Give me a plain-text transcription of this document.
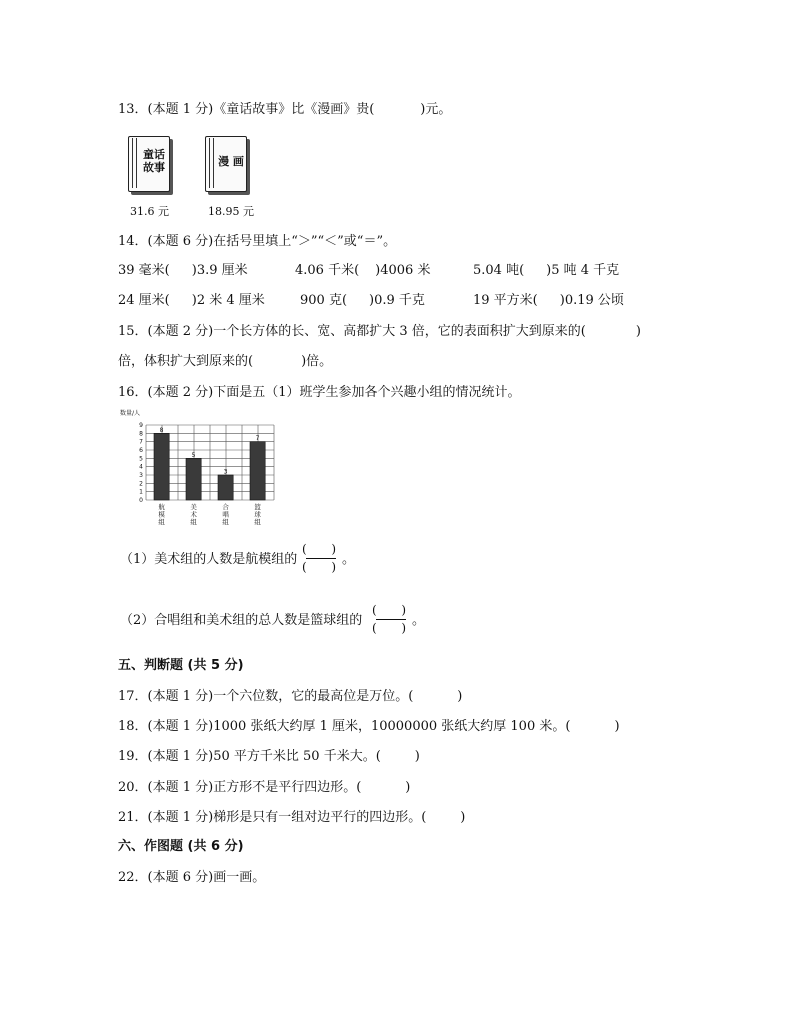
13．(本题 1 分)《童话故事》比《漫画》贵(	)元。
童话故事
31.6 元
漫 画
18.95 元
14．(本题 6 分)在括号里填上“＞”“＜”或“＝”。
39 毫米( )3.9 厘米	4.06 千米( )4006 米	5.04 吨( )5 吨 4 千克
24 厘米( )2 米 4 厘米	900 克( )0.9 千克	19 平方米( )0.19 公顷
15．(本题 2 分)一个长方体的长、宽、高都扩大 3 倍，它的表面积扩大到原来的(	)
倍，体积扩大到原来的(	)倍。
16．(本题 2 分)下面是五（1）班学生参加各个兴趣小组的情况统计。
数量/人
0
1
2
3
4
5
6
7
8
9
8
航
模
组
5
美
术
组
3
合
唱
组
7
篮
球
组
（1）美术组的人数是航模组的
( )
( ) 。
（2）合唱组和美术组的总人数是篮球组的
( )
( ) 。
五、判断题 (共 5 分)
17．(本题 1 分)一个六位数，它的最高位是万位。(	)
18．(本题 1 分)1000 张纸大约厚 1 厘米，10000000 张纸大约厚 100 米。(	)
19．(本题 1 分)50 平方千米比 50 千米大。(	)
20．(本题 1 分)正方形不是平行四边形。(	)
21．(本题 1 分)梯形是只有一组对边平行的四边形。(	)
六、作图题 (共 6 分)
22．(本题 6 分)画一画。
